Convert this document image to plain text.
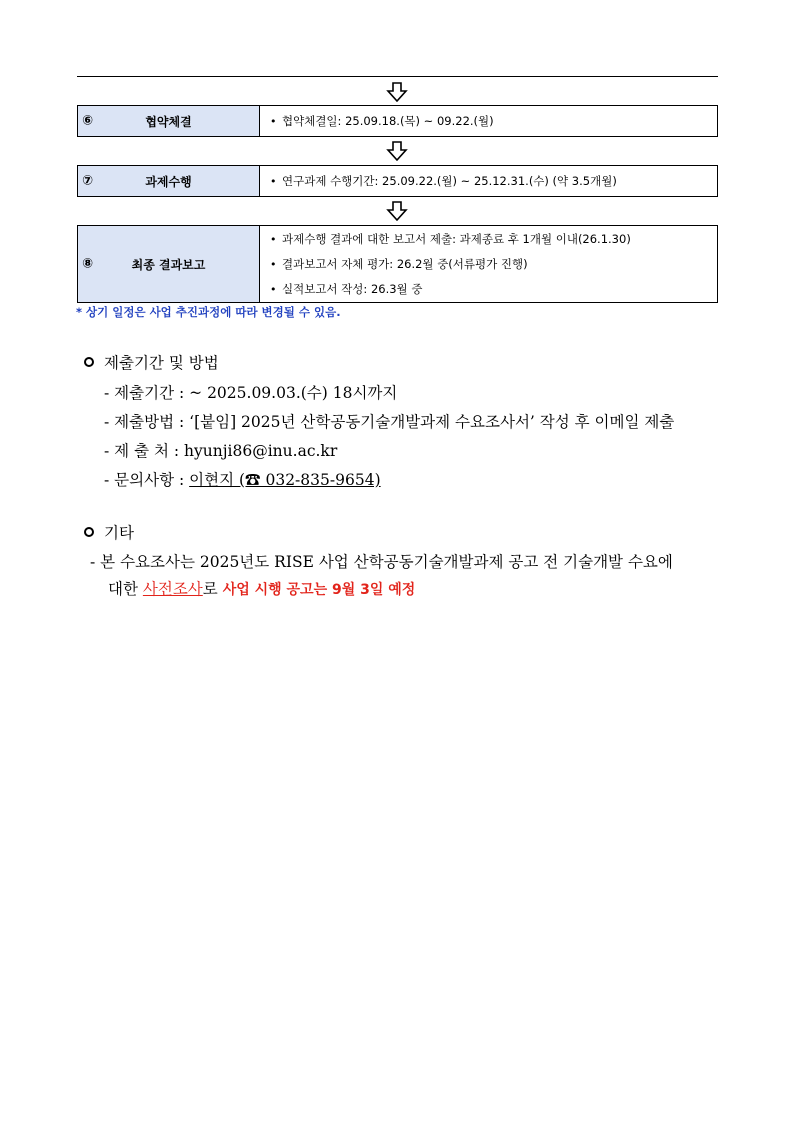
⑥	협약체결	• 협약체결일: 25.09.18.(목) ~ 09.22.(월)
⑦	과제수행	• 연구과제 수행기간: 25.09.22.(월) ~ 25.12.31.(수) (약 3.5개월)
⑧	최종 결과보고
• 과제수행 결과에 대한 보고서 제출: 과제종료 후 1개월 이내(26.1.30)
• 결과보고서 자체 평가: 26.2월 중(서류평가 진행)
• 실적보고서 작성: 26.3월 중
* 상기 일정은 사업 추진과정에 따라 변경될 수 있음.
제출기간 및 방법
- 제출기간 : ~ 2025.09.03.(수) 18시까지
- 제출방법 : ‘[붙임] 2025년 산학공동기술개발과제 수요조사서’ 작성 후 이메일 제출
- 제 출 처 : hyunji86@inu.ac.kr
- 문의사항 : 이현지 (☎ 032-835-9654)
기타
- 본 수요조사는 2025년도 RISE 사업 산학공동기술개발과제 공고 전 기술개발 수요에
대한 사전조사로 사업 시행 공고는 9월 3일 예정
